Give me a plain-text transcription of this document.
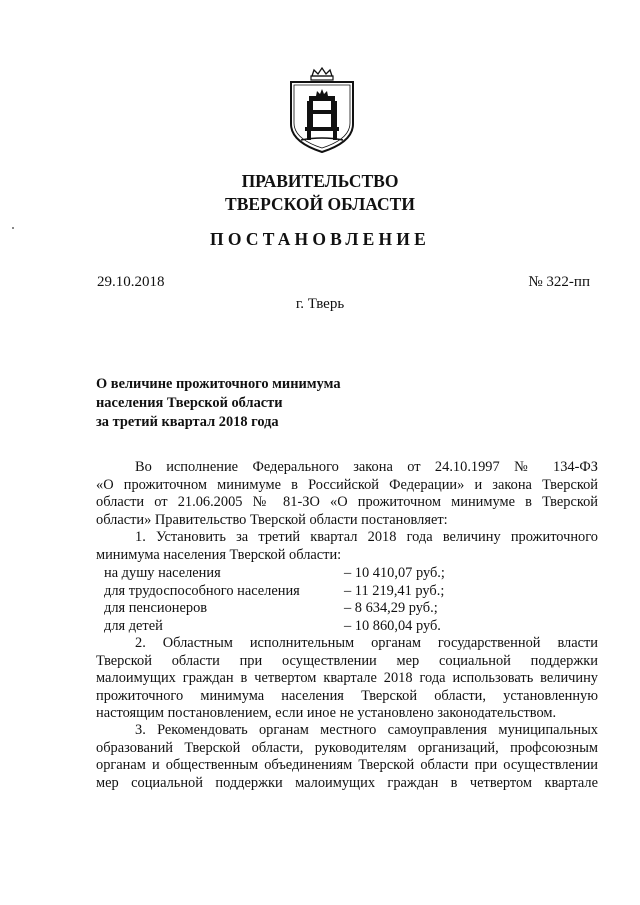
ПРАВИТЕЛЬСТВО
ТВЕРСКОЙ ОБЛАСТИ
ПОСТАНОВЛЕНИЕ
29.10.2018	№ 322-пп
г. Тверь
О величине прожиточного минимума
населения Тверской области
за третий квартал 2018 года
Во исполнение Федерального закона от 24.10.1997 № 134-ФЗ
«О прожиточном минимуме в Российской Федерации» и закона Тверской
области от 21.06.2005 № 81-ЗО «О прожиточном минимуме в Тверской
области» Правительство Тверской области постановляет:
1. Установить за третий квартал 2018 года величину прожиточного
минимума населения Тверской области:
на душу населения	– 10 410,07 руб.;
для трудоспособного населения	– 11 219,41 руб.;
для пенсионеров	– 8 634,29 руб.;
для детей	– 10 860,04 руб.
2. Областным исполнительным органам государственной власти
Тверской области при осуществлении мер социальной поддержки
малоимущих граждан в четвертом квартале 2018 года использовать величину
прожиточного минимума населения Тверской области, установленную
настоящим постановлением, если иное не установлено законодательством.
3. Рекомендовать органам местного самоуправления муниципальных
образований Тверской области, руководителям организаций, профсоюзным
органам и общественным объединениям Тверской области при осуществлении
мер социальной поддержки малоимущих граждан в четвертом квартале
